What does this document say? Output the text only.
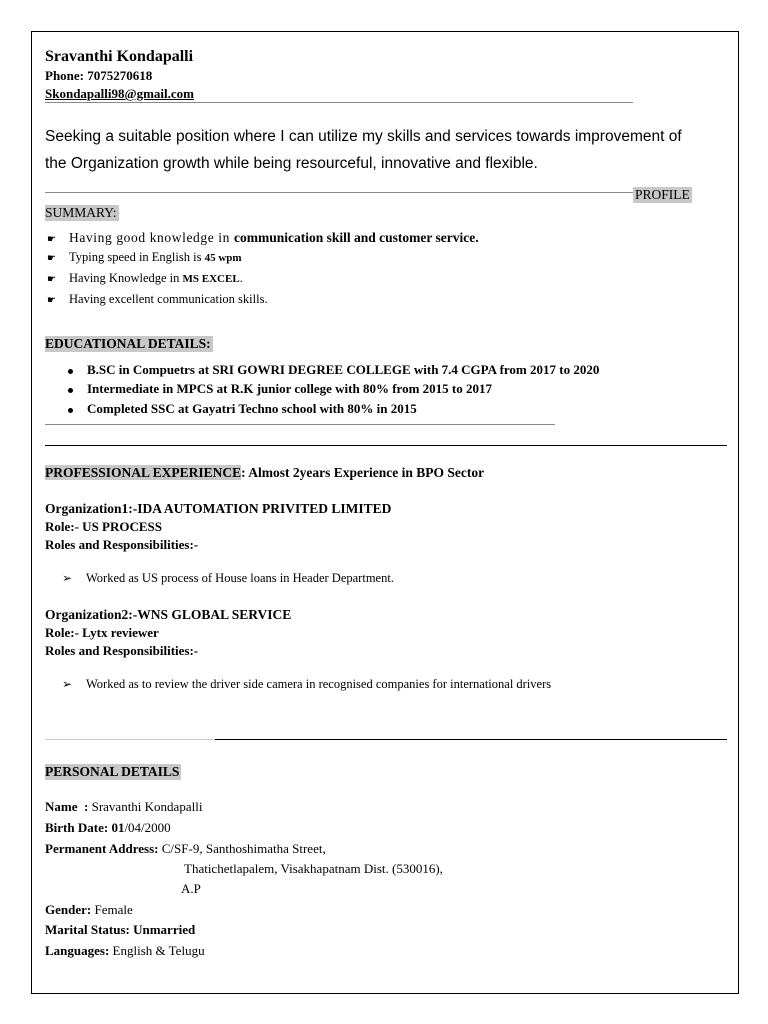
Sravanthi Kondapalli
Phone: 7075270618
Skondapalli98@gmail.com
Seeking a suitable position where I can utilize my skills and services towards improvement of
the Organization growth while being resourceful, innovative and flexible.
PROFILE
SUMMARY:
☛ Having good knowledge in communication skill and customer service.
☛ Typing speed in English is 45 wpm
☛ Having Knowledge in MS EXCEL.
☛ Having excellent communication skills.
EDUCATIONAL DETAILS:
B.SC in Compuetrs at SRI GOWRI DEGREE COLLEGE with 7.4 CGPA from 2017 to 2020
Intermediate in MPCS at R.K junior college with 80% from 2015 to 2017
Completed SSC at Gayatri Techno school with 80% in 2015
PROFESSIONAL EXPERIENCE: Almost 2years Experience in BPO Sector
Organization1:-IDA AUTOMATION PRIVITED LIMITED
Role:- US PROCESS
Roles and Responsibilities:-
➢ Worked as US process of House loans in Header Department.
Organization2:-WNS GLOBAL SERVICE
Role:- Lytx reviewer
Roles and Responsibilities:-
➢ Worked as to review the driver side camera in recognised companies for international drivers
PERSONAL DETAILS
Name  : Sravanthi Kondapalli
Birth Date: 01/04/2000
Permanent Address: C/SF-9, Santhoshimatha Street,
Thatichetlapalem, Visakhapatnam Dist. (530016),
A.P
Gender: Female
Marital Status: Unmarried
Languages: English & Telugu
